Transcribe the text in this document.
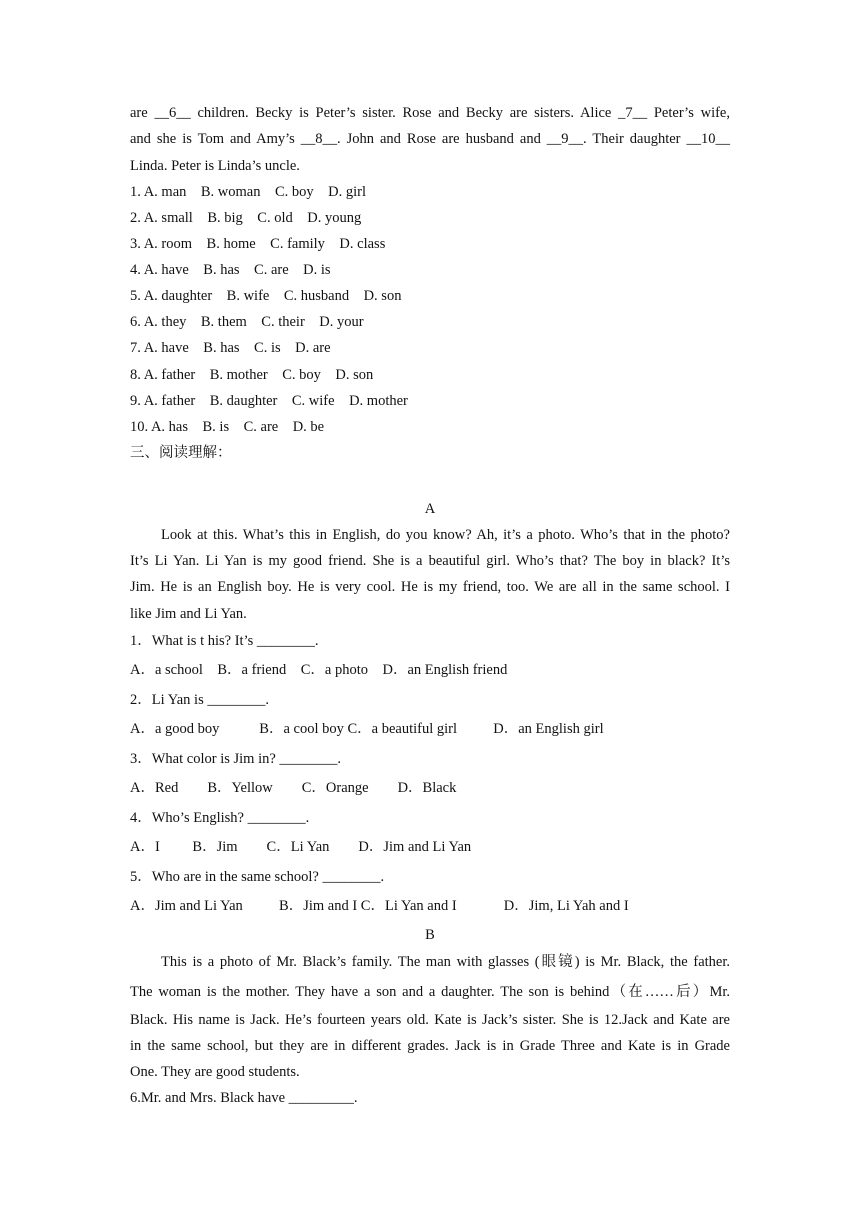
are __6__ children. Becky is Peter’s sister. Rose and Becky are sisters. Alice _7__ Peter’s wife,
and she is Tom and Amy’s __8__. John and Rose are husband and __9__. Their daughter __10__
Linda. Peter is Linda’s uncle.
1. A. man    B. woman    C. boy    D. girl
2. A. small    B. big    C. old    D. young
3. A. room    B. home    C. family    D. class
4. A. have    B. has    C. are    D. is
5. A. daughter    B. wife    C. husband    D. son
6. A. they    B. them    C. their    D. your
7. A. have    B. has    C. is    D. are
8. A. father    B. mother    C. boy    D. son
9. A. father    B. daughter    C. wife    D. mother
10. A. has    B. is    C. are    D. be
三、阅读理解：
A
Look at this. What’s this in English, do you know? Ah, it’s a photo. Who’s that in the photo?
It’s Li Yan. Li Yan is my good friend. She is a beautiful girl. Who’s that? The boy in black? It’s
Jim. He is an English boy. He is very cool. He is my friend, too. We are all in the same school. I
like Jim and Li Yan.
1．What is t his? It’s ________.
A．a school    B．a friend    C．a photo    D．an English friend
2．Li Yan is ________.
A．a good boy           B．a cool boy C．a beautiful girl          D．an English girl
3．What color is Jim in? ________.
A．Red        B．Yellow        C．Orange        D．Black
4．Who’s English? ________.
A．I         B．Jim        C．Li Yan        D．Jim and Li Yan
5．Who are in the same school? ________.
A．Jim and Li Yan          B．Jim and I C．Li Yan and I             D．Jim, Li Yah and I
B
This is a photo of Mr. Black’s family. The man with glasses (眼镜) is Mr. Black, the father.
The woman is the mother. They have a son and a daughter. The son is behind（在……后）Mr.
Black. His name is Jack. He’s fourteen years old. Kate is Jack’s sister. She is 12.Jack and Kate are
in the same school, but they are in different grades. Jack is in Grade Three and Kate is in Grade
One. They are good students.
6.Mr. and Mrs. Black have _________.
